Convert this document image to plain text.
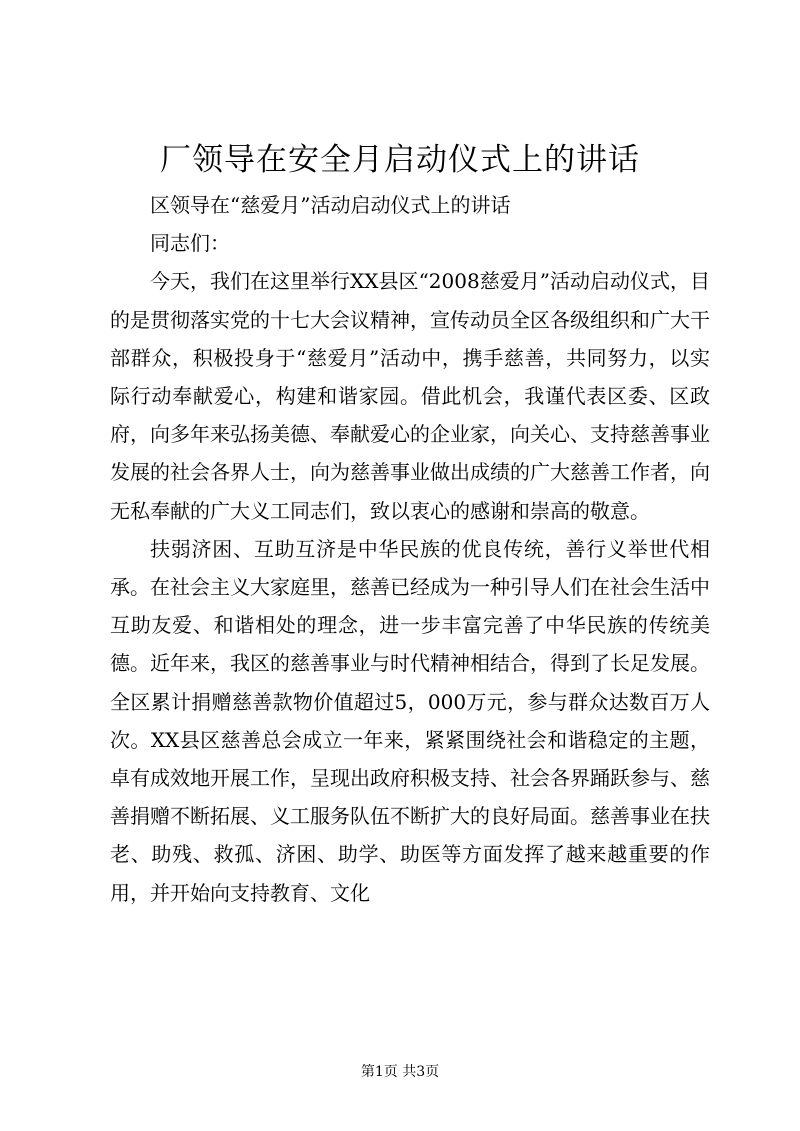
厂领导在安全月启动仪式上的讲话

区领导在“慈爱月”活动启动仪式上的讲话

同志们：

今天，我们在这里举行XX县区“2008慈爱月”活动启动仪式，目的是贯彻落实党的十七大会议精神，宣传动员全区各级组织和广大干部群众，积极投身于“慈爱月”活动中，携手慈善，共同努力，以实际行动奉献爱心，构建和谐家园。借此机会，我谨代表区委、区政府，向多年来弘扬美德、奉献爱心的企业家，向关心、支持慈善事业发展的社会各界人士，向为慈善事业做出成绩的广大慈善工作者，向无私奉献的广大义工同志们，致以衷心的感谢和崇高的敬意。

扶弱济困、互助互济是中华民族的优良传统，善行义举世代相承。在社会主义大家庭里，慈善已经成为一种引导人们在社会生活中互助友爱、和谐相处的理念，进一步丰富完善了中华民族的传统美德。近年来，我区的慈善事业与时代精神相结合，得到了长足发展。全区累计捐赠慈善款物价值超过5，000万元，参与群众达数百万人次。XX县区慈善总会成立一年来，紧紧围绕社会和谐稳定的主题，卓有成效地开展工作，呈现出政府积极支持、社会各界踊跃参与、慈善捐赠不断拓展、义工服务队伍不断扩大的良好局面。慈善事业在扶老、助残、救孤、济困、助学、助医等方面发挥了越来越重要的作用，并开始向支持教育、文化

第1页 共3页
